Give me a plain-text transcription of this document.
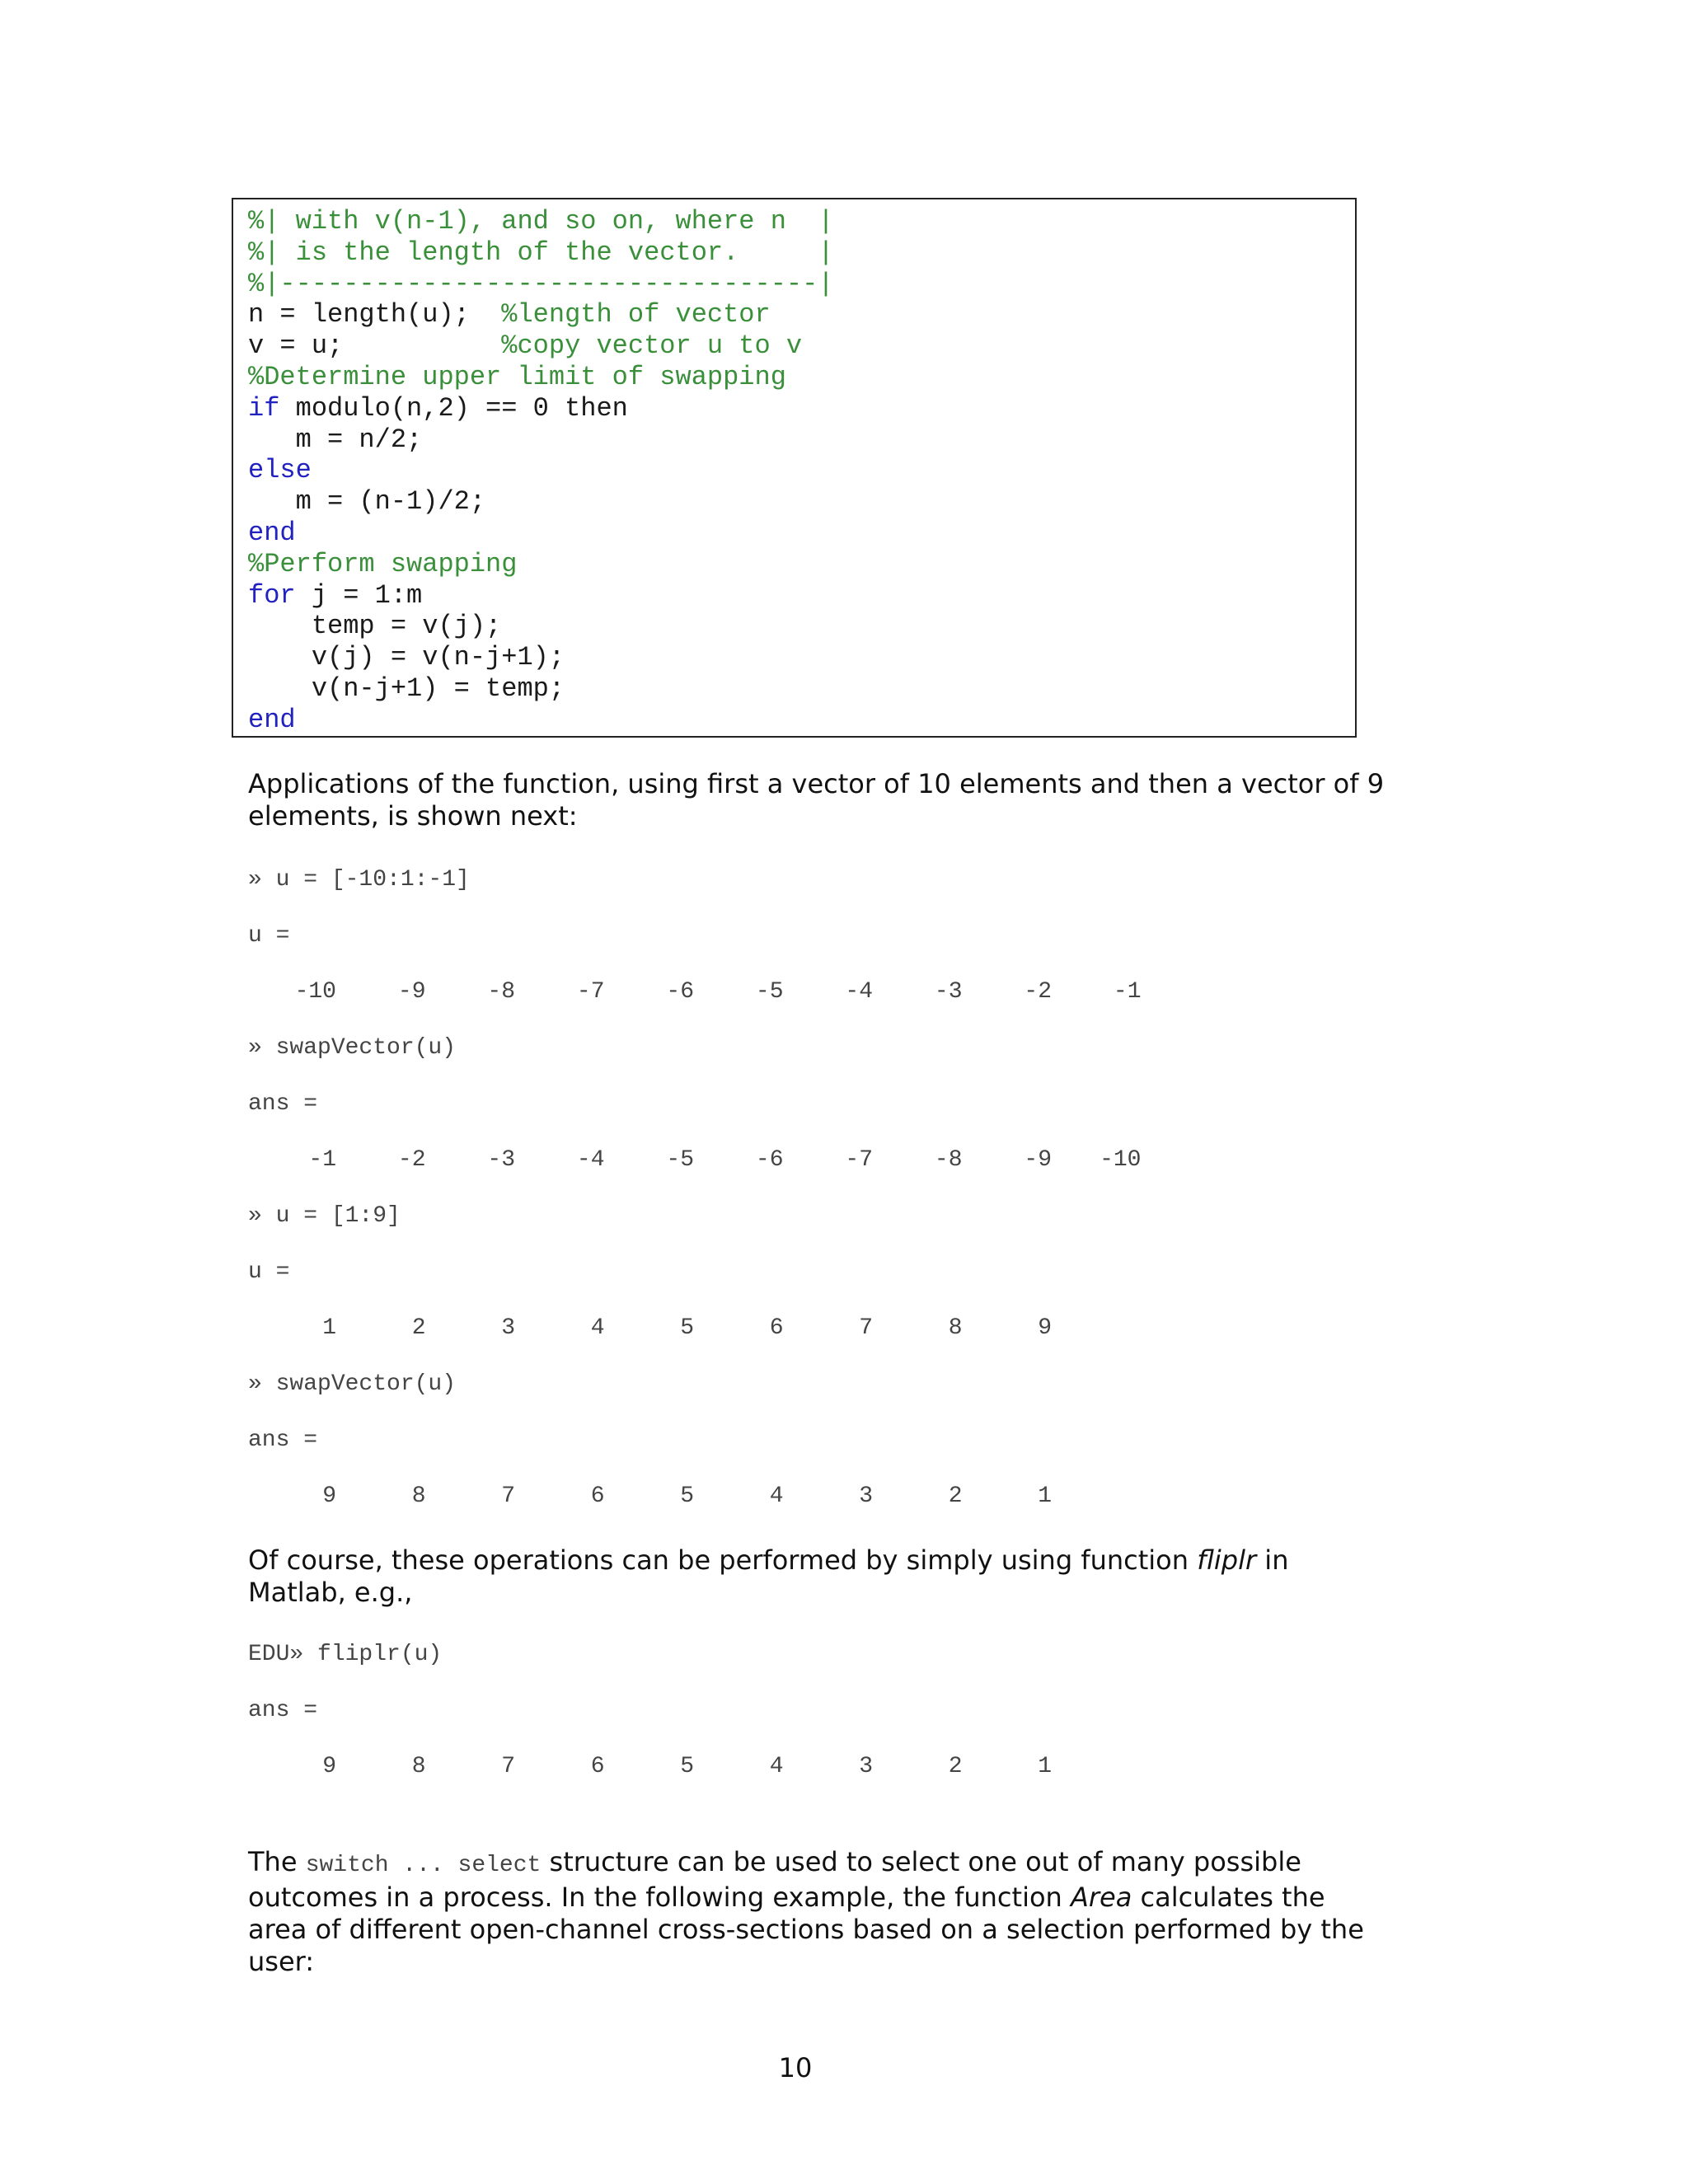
%| with v(n-1), and so on, where n  |
%| is the length of the vector.     |
%|----------------------------------|
n = length(u);  %length of vector
v = u;          %copy vector u to v
%Determine upper limit of swapping
if modulo(n,2) == 0 then
m = n/2;
else
m = (n-1)/2;
end
%Perform swapping
for j = 1:m
temp = v(j);
v(j) = v(n-j+1);
v(n-j+1) = temp;
end
Applications of the function, using first a vector of 10 elements and then a vector of 9 elements, is shown next:
» u = [-10:1:-1]
u =
-10	-9	-8	-7	-6	-5	-4	-3	-2	-1
» swapVector(u)
ans =
-1	-2	-3	-4	-5	-6	-7	-8	-9	-10
» u = [1:9]
u =
1	2	3	4	5	6	7	8	9
» swapVector(u)
ans =
9	8	7	6	5	4	3	2	1
Of course, these operations can be performed by simply using function fliplr in Matlab, e.g.,
EDU» fliplr(u)
ans =
9	8	7	6	5	4	3	2	1
The switch ... select structure can be used to select one out of many possible outcomes in a process. In the following example, the function Area calculates the area of different open-channel cross-sections based on a selection performed by the user:
10
